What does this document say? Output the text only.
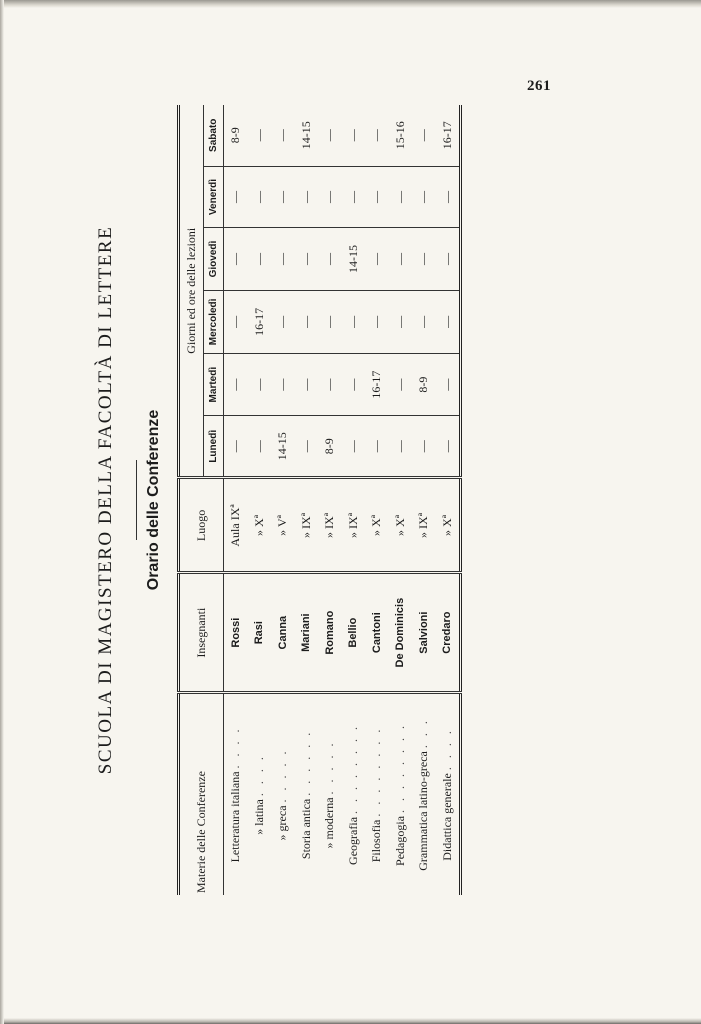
261
SCUOLA DI MAGISTERO DELLA FACOLTÀ DI LETTERE Orario delle Conferenze
Materie delle Conferenze	Insegnanti	Luogo	Giorni ed ore delle lezioni					
			Lunedì	Martedì	Mercoledì	Giovedì	Venerdì	Sabato
Letteratura italiana . . . .	Rossi	Aula IXª	—	—	—	—	—	8-9
» latina . . . .	Rasi	» Xª	—	—	16-17	—	—	—
» greca . . . . .	Canna	» Vª	14-15	—	—	—	—	—
Storia antica . . . . . .	Mariani	» IXª	—	—	—	—	—	14-15
» moderna . . . . .	Romano	» IXª	8-9	—	—	—	—	—
Geografia . . . . . . . .	Bellio	» IXª	—	—	—	14-15	—	—
Filosofia . . . . . . . .	Cantoni	» Xª	—	16-17	—	—	—	—
Pedagogia . . . . . . . .	De Dominicis	» Xª	—	—	—	—	—	15-16
Grammatica latino-greca . . .	Salvioni	» IXª	—	8-9	—	—	—	—
Didattica generale . . . .	Credaro	» Xª	—	—	—	—	—	16-17
